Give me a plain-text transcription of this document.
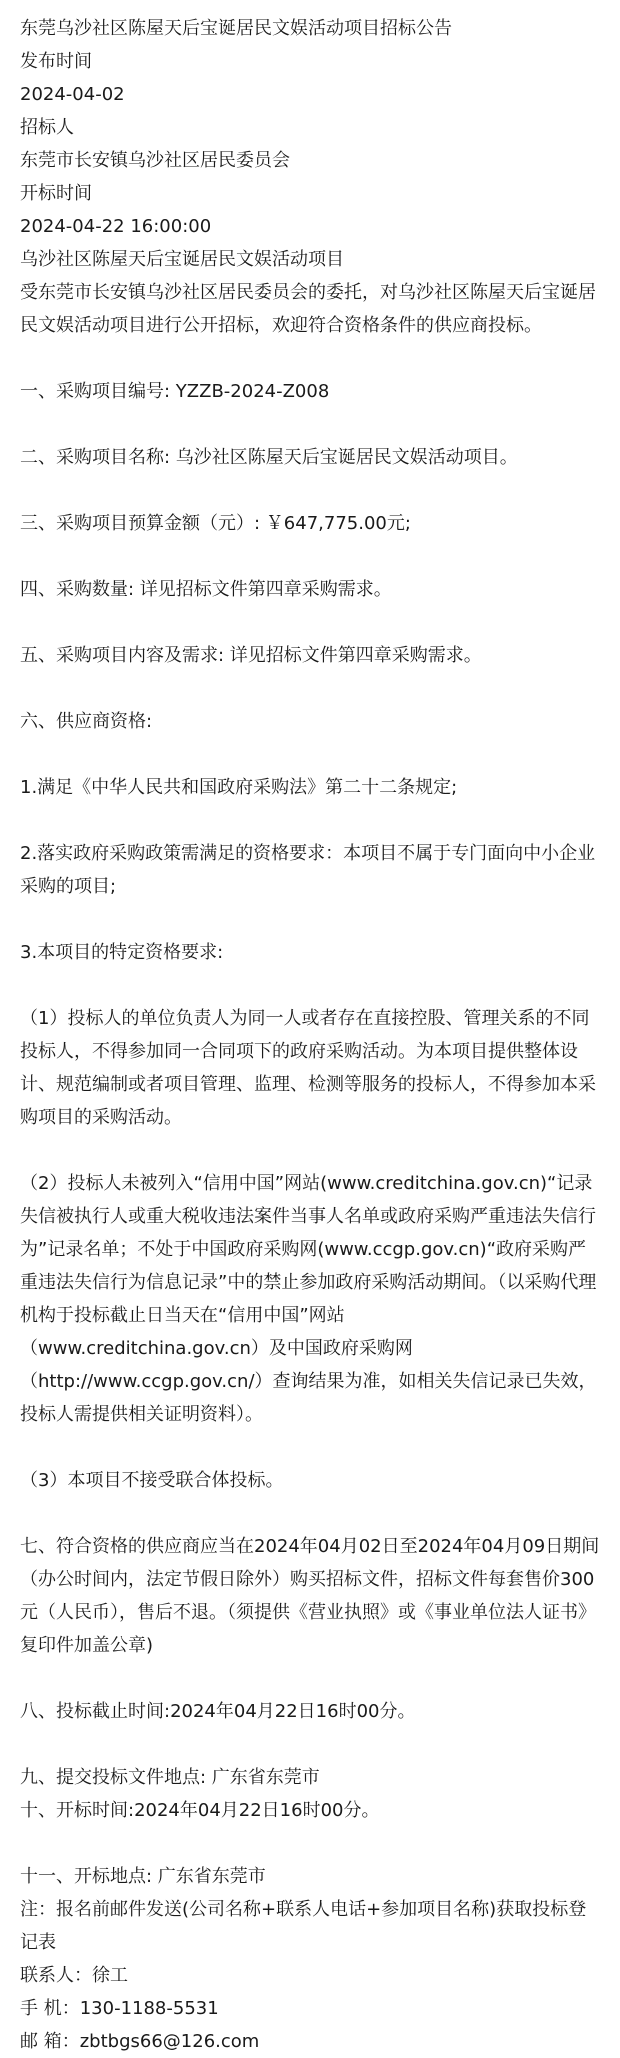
东莞乌沙社区陈屋天后宝诞居民文娱活动项目招标公告

发布时间

2024-04-02

招标人

东莞市长安镇乌沙社区居民委员会

开标时间

2024-04-22 16:00:00

乌沙社区陈屋天后宝诞居民文娱活动项目

受东莞市长安镇乌沙社区居民委员会的委托，对乌沙社区陈屋天后宝诞居民文娱活动项目进行公开招标，欢迎符合资格条件的供应商投标。

一、采购项目编号: YZZB-2024-Z008

二、采购项目名称: 乌沙社区陈屋天后宝诞居民文娱活动项目。

三、采购项目预算金额（元）: ￥647,775.00元;

四、采购数量: 详见招标文件第四章采购需求。

五、采购项目内容及需求: 详见招标文件第四章采购需求。

六、供应商资格:

1.满足《中华人民共和国政府采购法》第二十二条规定;

2.落实政府采购政策需满足的资格要求：本项目不属于专门面向中小企业采购的项目;

3.本项目的特定资格要求:

（1）投标人的单位负责人为同一人或者存在直接控股、管理关系的不同投标人，不得参加同一合同项下的政府采购活动。为本项目提供整体设计、规范编制或者项目管理、监理、检测等服务的投标人，不得参加本采购项目的采购活动。

（2）投标人未被列入“信用中国”网站(www.creditchina.gov.cn)“记录失信被执行人或重大税收违法案件当事人名单或政府采购严重违法失信行为”记录名单；不处于中国政府采购网(www.ccgp.gov.cn)“政府采购严重违法失信行为信息记录”中的禁止参加政府采购活动期间。（以采购代理机构于投标截止日当天在“信用中国”网站

（www.creditchina.gov.cn）及中国政府采购网

（http://www.ccgp.gov.cn/）查询结果为准，如相关失信记录已失效，投标人需提供相关证明资料）。

（3）本项目不接受联合体投标。

七、符合资格的供应商应当在2024年04月02日至2024年04月09日期间（办公时间内，法定节假日除外）购买招标文件，招标文件每套售价300元（人民币），售后不退。（须提供《营业执照》或《事业单位法人证书》复印件加盖公章)

八、投标截止时间:2024年04月22日16时00分。

九、提交投标文件地点: 广东省东莞市

十、开标时间:2024年04月22日16时00分。

十一、开标地点: 广东省东莞市

注：报名前邮件发送(公司名称+联系人电话+参加项目名称)获取投标登记表

联系人：徐工

手 机：130-1188-5531

邮 箱：zbtbgs66@126.com
